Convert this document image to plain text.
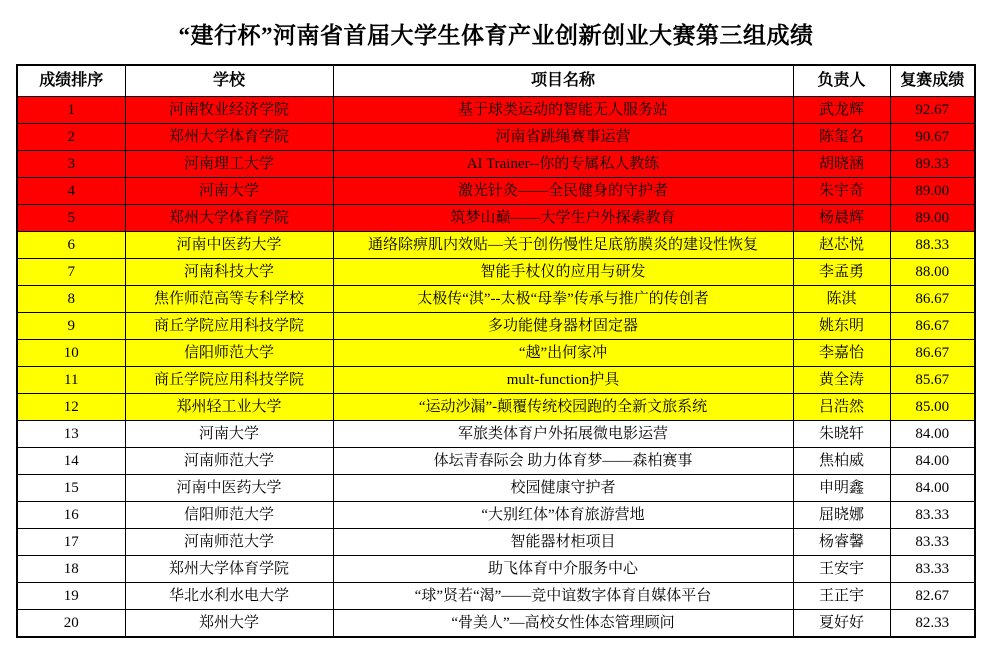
“建行杯”河南省首届大学生体育产业创新创业大赛第三组成绩
成绩排序	学校	项目名称	负责人	复赛成绩
1	河南牧业经济学院	基于球类运动的智能无人服务站	武龙辉	92.67
2	郑州大学体育学院	河南省跳绳赛事运营	陈玺名	90.67
3	河南理工大学	AI Trainer--你的专属私人教练	胡晓涵	89.33
4	河南大学	激光针灸——全民健身的守护者	朱宇奇	89.00
5	郑州大学体育学院	筑梦山巅——大学生户外探索教育	杨晨辉	89.00
6	河南中医药大学	通络除痹肌内效贴—关于创伤慢性足底筋膜炎的建设性恢复	赵芯悦	88.33
7	河南科技大学	智能手杖仪的应用与研发	李孟勇	88.00
8	焦作师范高等专科学校	太极传“淇”--太极“母拳”传承与推广的传创者	陈淇	86.67
9	商丘学院应用科技学院	多功能健身器材固定器	姚东明	86.67
10	信阳师范大学	“越”出何家冲	李嘉怡	86.67
11	商丘学院应用科技学院	mult-function护具	黄全涛	85.67
12	郑州轻工业大学	“运动沙漏”-颠覆传统校园跑的全新文旅系统	吕浩然	85.00
13	河南大学	军旅类体育户外拓展微电影运营	朱晓轩	84.00
14	河南师范大学	体坛青春际会 助力体育梦——森柏赛事	焦柏威	84.00
15	河南中医药大学	校园健康守护者	申明鑫	84.00
16	信阳师范大学	“大别红体”体育旅游营地	屈晓娜	83.33
17	河南师范大学	智能器材柜项目	杨睿馨	83.33
18	郑州大学体育学院	助飞体育中介服务中心	王安宇	83.33
19	华北水利水电大学	“球”贤若“渴”——竞中谊数字体育自媒体平台	王正宇	82.67
20	郑州大学	“骨美人”—高校女性体态管理顾问	夏好好	82.33
